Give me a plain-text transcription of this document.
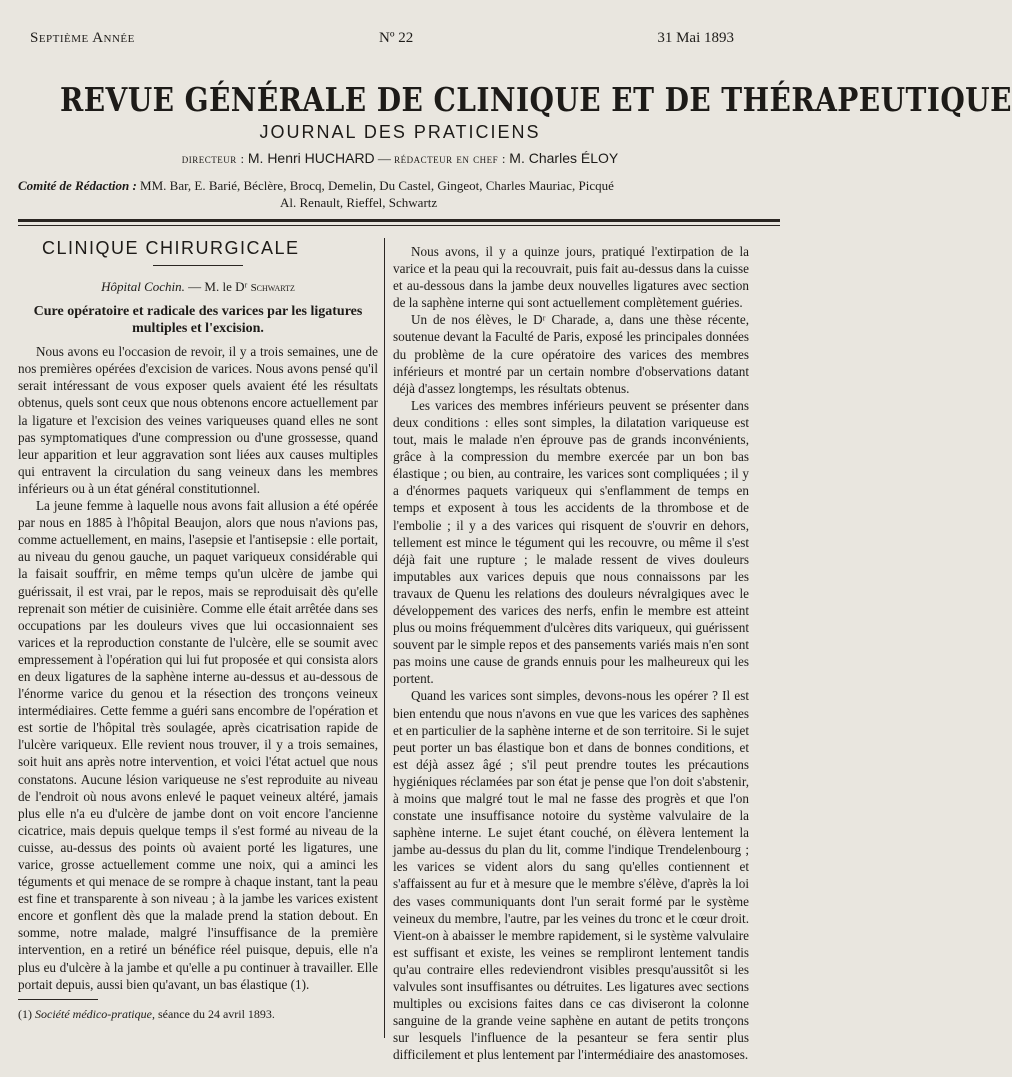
Septième Année	Nº 22	31 Mai 1893
REVUE GÉNÉRALE DE CLINIQUE ET DE THÉRAPEUTIQUE
JOURNAL DES PRATICIENS
directeur : M. Henri HUCHARD — rédacteur en chef : M. Charles ÉLOY
Comité de Rédaction : MM. Bar, E. Barié, Béclère, Brocq, Demelin, Du Castel, Gingeot, Charles Mauriac, Picqué
Al. Renault, Rieffel, Schwartz
CLINIQUE CHIRURGICALE
Hôpital Cochin. — M. le Dʳ Schwartz
Cure opératoire et radicale des varices par les ligatures multiples et l'excision.

Nous avons eu l'occasion de revoir, il y a trois semaines, une de nos premières opérées d'excision de varices. Nous avons pensé qu'il serait intéressant de vous exposer quels avaient été les résultats obtenus, quels sont ceux que nous obtenons encore actuellement par la ligature et l'excision des veines variqueuses quand elles ne sont pas symptomatiques d'une compression ou d'une grossesse, quand leur apparition et leur aggravation sont liées aux causes multiples qui entravent la circulation du sang veineux dans les membres inférieurs ou à un état général constitutionnel.

La jeune femme à laquelle nous avons fait allusion a été opérée par nous en 1885 à l'hôpital Beaujon, alors que nous n'avions pas, comme actuellement, en mains, l'asepsie et l'antisepsie : elle portait, au niveau du genou gauche, un paquet variqueux considérable qui la faisait souffrir, en même temps qu'un ulcère de jambe qui guérissait, il est vrai, par le repos, mais se reproduisait dès qu'elle reprenait son métier de cuisinière. Comme elle était arrêtée dans ses occupations par les douleurs vives que lui occasionnaient ses varices et la reproduction constante de l'ulcère, elle se soumit avec empressement à l'opération qui lui fut proposée et qui consista alors en deux ligatures de la saphène interne au-dessus et au-dessous de l'énorme varice du genou et la résection des tronçons veineux intermédiaires. Cette femme a guéri sans encombre de l'opération et est sortie de l'hôpital très soulagée, après cicatrisation rapide de l'ulcère variqueux. Elle revient nous trouver, il y a trois semaines, soit huit ans après notre intervention, et voici l'état actuel que nous constatons. Aucune lésion variqueuse ne s'est reproduite au niveau de l'endroit où nous avons enlevé le paquet veineux altéré, jamais plus elle n'a eu d'ulcère de jambe dont on voit encore l'ancienne cicatrice, mais depuis quelque temps il s'est formé au niveau de la cuisse, au-dessus des points où avaient porté les ligatures, une varice, grosse actuellement comme une noix, qui a aminci les téguments et qui menace de se rompre à chaque instant, tant la peau est fine et transparente à son niveau ; à la jambe les varices existent encore et gonflent dès que la malade prend la station debout. En somme, notre malade, malgré l'insuffisance de la première intervention, en a retiré un bénéfice réel puisque, depuis, elle n'a plus eu d'ulcère à la jambe et qu'elle a pu continuer à travailler. Elle portait depuis, aussi bien qu'avant, un bas élastique (1).

(1) Société médico-pratique, séance du 24 avril 1893.

Nous avons, il y a quinze jours, pratiqué l'extirpation de la varice et la peau qui la recouvrait, puis fait au-dessus dans la cuisse et au-dessous dans la jambe deux nouvelles ligatures avec section de la saphène interne qui sont actuellement complètement guéries.

Un de nos élèves, le Dʳ Charade, a, dans une thèse récente, soutenue devant la Faculté de Paris, exposé les principales données du problème de la cure opératoire des varices des membres inférieurs et montré par un certain nombre d'observations datant déjà d'assez longtemps, les résultats obtenus.

Les varices des membres inférieurs peuvent se présenter dans deux conditions : elles sont simples, la dilatation variqueuse est tout, mais le malade n'en éprouve pas de grands inconvénients, grâce à la compression du membre exercée par un bon bas élastique ; ou bien, au contraire, les varices sont compliquées ; il y a d'énormes paquets variqueux qui s'enflamment de temps en temps et exposent à tous les accidents de la thrombose et de l'embolie ; il y a des varices qui risquent de s'ouvrir en dehors, tellement est mince le tégument qui les recouvre, ou même il s'est déjà fait une rupture ; le malade ressent de vives douleurs imputables aux varices depuis que nous connaissons par les travaux de Quenu les relations des douleurs névralgiques avec le développement des varices des nerfs, enfin le membre est atteint plus ou moins fréquemment d'ulcères dits variqueux, qui guérissent souvent par le simple repos et des pansements variés mais n'en sont pas moins une cause de grands ennuis pour les malheureux qui les portent.

Quand les varices sont simples, devons-nous les opérer ? Il est bien entendu que nous n'avons en vue que les varices des saphènes et en particulier de la saphène interne et de son territoire. Si le sujet peut porter un bas élastique bon et dans de bonnes conditions, et est déjà assez âgé ; s'il peut prendre toutes les précautions hygiéniques réclamées par son état je pense que l'on doit s'abstenir, à moins que malgré tout le mal ne fasse des progrès et que l'on constate une insuffisance notoire du système valvulaire de la saphène interne. Le sujet étant couché, on élèvera lentement la jambe au-dessus du plan du lit, comme l'indique Trendelenbourg ; les varices se vident alors du sang qu'elles contiennent et s'affaissent au fur et à mesure que le membre s'élève, d'après la loi des vases communiquants dont l'un serait formé par le système veineux du membre, l'autre, par les veines du tronc et le cœur droit. Vient-on à abaisser le membre rapidement, si le système valvulaire est suffisant et existe, les veines se rempliront lentement tandis qu'au contraire elles redeviendront visibles presqu'aussitôt si les valvules sont insuffisantes ou détruites. Les ligatures avec sections multiples ou excisions faites dans ce cas diviseront la colonne sanguine de la grande veine saphène en autant de petits tronçons sur lesquels l'influence de la pesanteur se fera sentir plus difficilement et plus lentement par l'intermédiaire des anastomoses.
